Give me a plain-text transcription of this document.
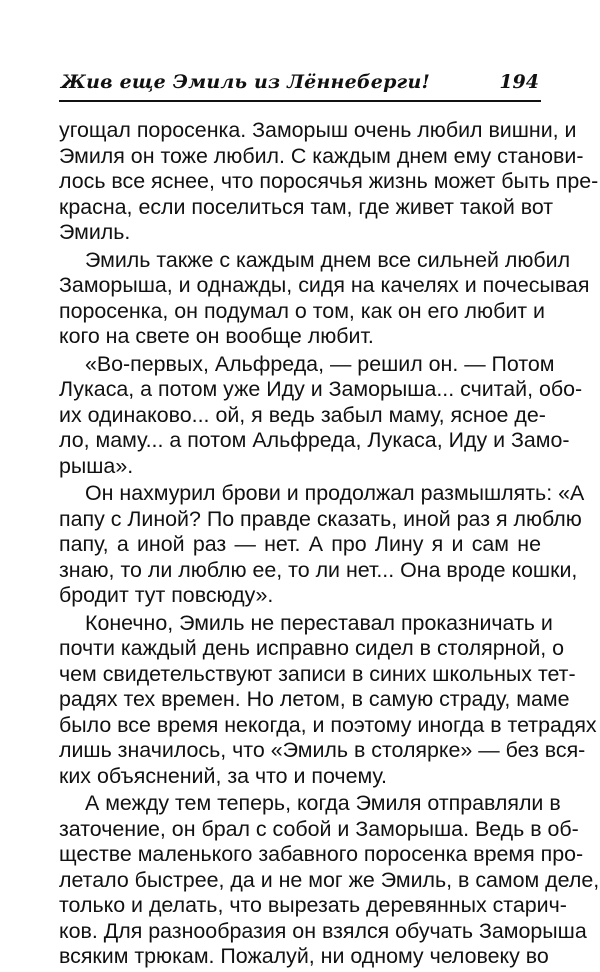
Жив еще Эмиль из Лённеберги!	194
угощал поросенка. Заморыш очень любил вишни, и
Эмиля он тоже любил. С каждым днем ему станови-
лось все яснее, что поросячья жизнь может быть пре-
красна, если поселиться там, где живет такой вот
Эмиль.
Эмиль также с каждым днем все сильней любил
Заморыша, и однажды, сидя на качелях и почесывая
поросенка, он подумал о том, как он его любит и
кого на свете он вообще любит.
«Во-первых, Альфреда, — решил он. — Потом
Лукаса, а потом уже Иду и Заморыша... считай, обо-
их одинаково... ой, я ведь забыл маму, ясное де-
ло, маму... а потом Альфреда, Лукаса, Иду и Замо-
рыша».
Он нахмурил брови и продолжал размышлять: «А
папу с Линой? По правде сказать, иной раз я люблю
папу, а иной раз — нет. А про Лину я и сам не
знаю, то ли люблю ее, то ли нет... Она вроде кошки,
бродит тут повсюду».
Конечно, Эмиль не переставал проказничать и
почти каждый день исправно сидел в столярной, о
чем свидетельствуют записи в синих школьных тет-
радях тех времен. Но летом, в самую страду, маме
было все время некогда, и поэтому иногда в тетрадях
лишь значилось, что «Эмиль в столярке» — без вся-
ких объяснений, за что и почему.
А между тем теперь, когда Эмиля отправляли в
заточение, он брал с собой и Заморыша. Ведь в об-
ществе маленького забавного поросенка время про-
летало быстрее, да и не мог же Эмиль, в самом деле,
только и делать, что вырезать деревянных старич-
ков. Для разнообразия он взялся обучать Заморыша
всяким трюкам. Пожалуй, ни одному человеку во
